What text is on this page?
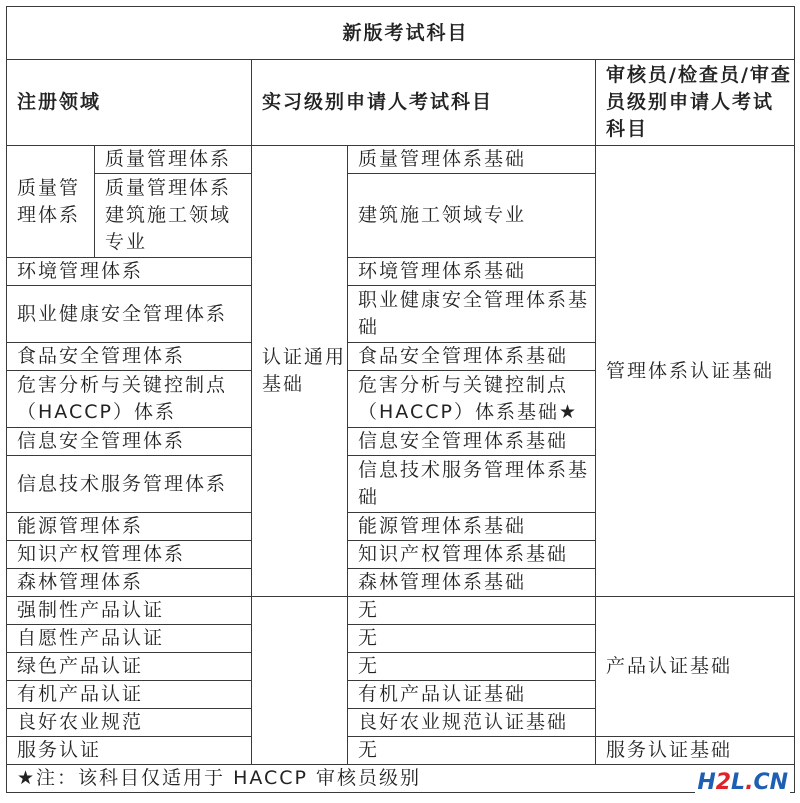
新版考试科目				
注册领域		实习级别申请人考试科目		审核员/检查员/审查员级别申请人考试科目
质量管理体系	质量管理体系	认证通用基础	质量管理体系基础	管理体系认证基础
	质量管理体系建筑施工领域专业		建筑施工领域专业	
环境管理体系			环境管理体系基础	
职业健康安全管理体系			职业健康安全管理体系基础	
食品安全管理体系			食品安全管理体系基础	
危害分析与关键控制点（HACCP）体系			危害分析与关键控制点（HACCP）体系基础★	
信息安全管理体系			信息安全管理体系基础	
信息技术服务管理体系			信息技术服务管理体系基础	
能源管理体系			能源管理体系基础	
知识产权管理体系			知识产权管理体系基础	
森林管理体系			森林管理体系基础	
强制性产品认证			无	产品认证基础
自愿性产品认证			无	
绿色产品认证			无	
有机产品认证			有机产品认证基础	
良好农业规范			良好农业规范认证基础	
服务认证			无	服务认证基础
★注：该科目仅适用于 HACCP 审核员级别					H2L.CN
